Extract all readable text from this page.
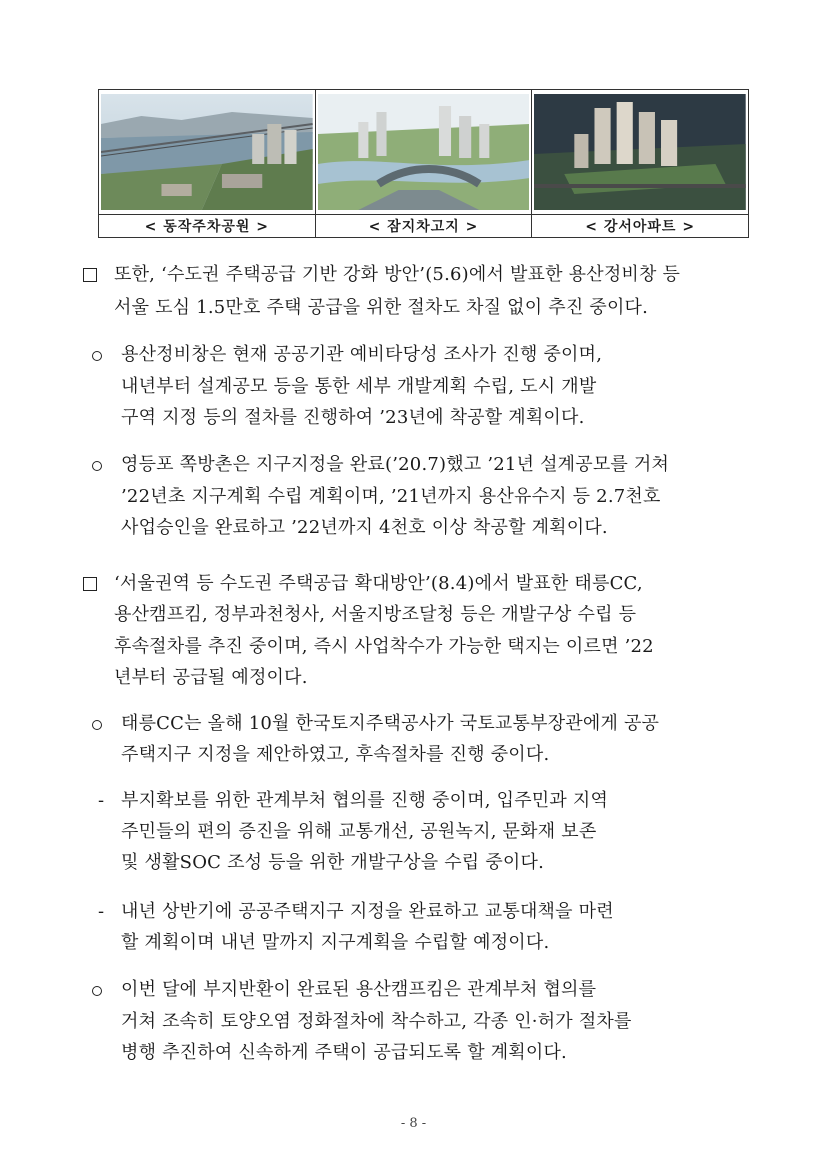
< 동작주차공원 >	< 잠지차고지 >	< 강서아파트 >
또한, ‘수도권 주택공급 기반 강화 방안’(5.6)에서 발표한 용산정비창 등
서울 도심 1.5만호 주택 공급을 위한 절차도 차질 없이 추진 중이다.
용산정비창은 현재 공공기관 예비타당성 조사가 진행 중이며,
내년부터 설계공모 등을 통한 세부 개발계획 수립, 도시 개발
구역 지정 등의 절차를 진행하여 ’23년에 착공할 계획이다.
영등포 쪽방촌은 지구지정을 완료(’20.7)했고 ’21년 설계공모를 거쳐
’22년초 지구계획 수립 계획이며, ’21년까지 용산유수지 등 2.7천호
사업승인을 완료하고 ’22년까지 4천호 이상 착공할 계획이다.
‘서울권역 등 수도권 주택공급 확대방안’(8.4)에서 발표한 태릉CC,
용산캠프킴, 정부과천청사, 서울지방조달청 등은 개발구상 수립 등
후속절차를 추진 중이며, 즉시 사업착수가 가능한 택지는 이르면 ’22
년부터 공급될 예정이다.
태릉CC는 올해 10월 한국토지주택공사가 국토교통부장관에게 공공
주택지구 지정을 제안하였고, 후속절차를 진행 중이다.
- 부지확보를 위한 관계부처 협의를 진행 중이며, 입주민과 지역
주민들의 편의 증진을 위해 교통개선, 공원녹지, 문화재 보존
및 생활SOC 조성 등을 위한 개발구상을 수립 중이다.
- 내년 상반기에 공공주택지구 지정을 완료하고 교통대책을 마련
할 계획이며 내년 말까지 지구계획을 수립할 예정이다.
이번 달에 부지반환이 완료된 용산캠프킴은 관계부처 협의를
거쳐 조속히 토양오염 정화절차에 착수하고, 각종 인·허가 절차를
병행 추진하여 신속하게 주택이 공급되도록 할 계획이다.
- 8 -
